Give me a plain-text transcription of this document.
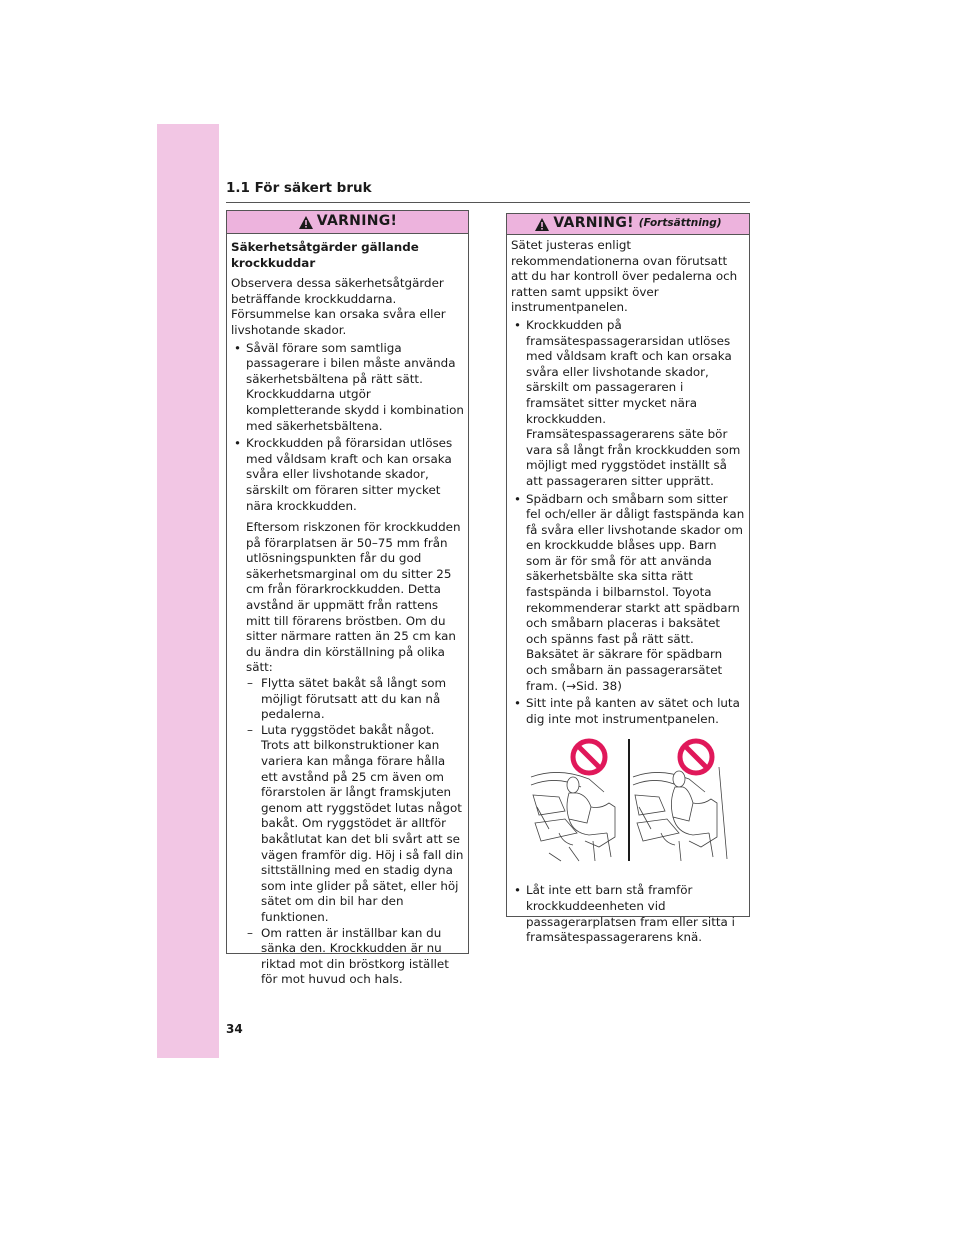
1.1 För säkert bruk
VARNING!

Säkerhetsåtgärder gällande krockkuddar

Observera dessa säkerhetsåtgärder beträffande krockkuddarna. Försummelse kan orsaka svåra eller livshotande skador.

• Såväl förare som samtliga passagerare i bilen måste använda säkerhetsbältena på rätt sätt. Krockkuddarna utgör kompletterande skydd i kombination med säkerhetsbältena.
• Krockkudden på förarsidan utlöses med våldsam kraft och kan orsaka svåra eller livshotande skador, särskilt om föraren sitter mycket nära krockkudden.

Eftersom riskzonen för krockkudden på förarplatsen är 50–75 mm från utlösningspunkten får du god säkerhetsmarginal om du sitter 25 cm från förarkrockkudden. Detta avstånd är uppmätt från rattens mitt till förarens bröstben. Om du sitter närmare ratten än 25 cm kan du ändra din körställning på olika sätt:

– Flytta sätet bakåt så långt som möjligt förutsatt att du kan nå pedalerna.
– Luta ryggstödet bakåt något. Trots att bilkonstruktioner kan variera kan många förare hålla ett avstånd på 25 cm även om förarstolen är långt framskjuten genom att ryggstödet lutas något bakåt. Om ryggstödet är alltför bakåtlutat kan det bli svårt att se vägen framför dig. Höj i så fall din sittställning med en stadig dyna som inte glider på sätet, eller höj sätet om din bil har den funktionen.
– Om ratten är inställbar kan du sänka den. Krockkudden är nu riktad mot din bröstkorg istället för mot huvud och hals.
VARNING! (Fortsättning)

Sätet justeras enligt rekommendationerna ovan förutsatt att du har kontroll över pedalerna och ratten samt uppsikt över instrumentpanelen.

• Krockkudden på framsätespassagerarsidan utlöses med våldsam kraft och kan orsaka svåra eller livshotande skador, särskilt om passageraren i framsätet sitter mycket nära krockkudden. Framsätespassagerarens säte bör vara så långt från krockkudden som möjligt med ryggstödet inställt så att passageraren sitter upprätt.
• Spädbarn och småbarn som sitter fel och/eller är dåligt fastspända kan få svåra eller livshotande skador om en krockkudde blåses upp. Barn som är för små för att använda säkerhetsbälte ska sitta rätt fastspända i bilbarnstol. Toyota rekommenderar starkt att spädbarn och småbarn placeras i baksätet och spänns fast på rätt sätt. Baksätet är säkrare för spädbarn och småbarn än passagerarsätet fram. (→Sid. 38)
• Sitt inte på kanten av sätet och luta dig inte mot instrumentpanelen.
• Låt inte ett barn stå framför krockkuddeenheten vid passagerarplatsen fram eller sitta i framsätespassagerarens knä.
34
